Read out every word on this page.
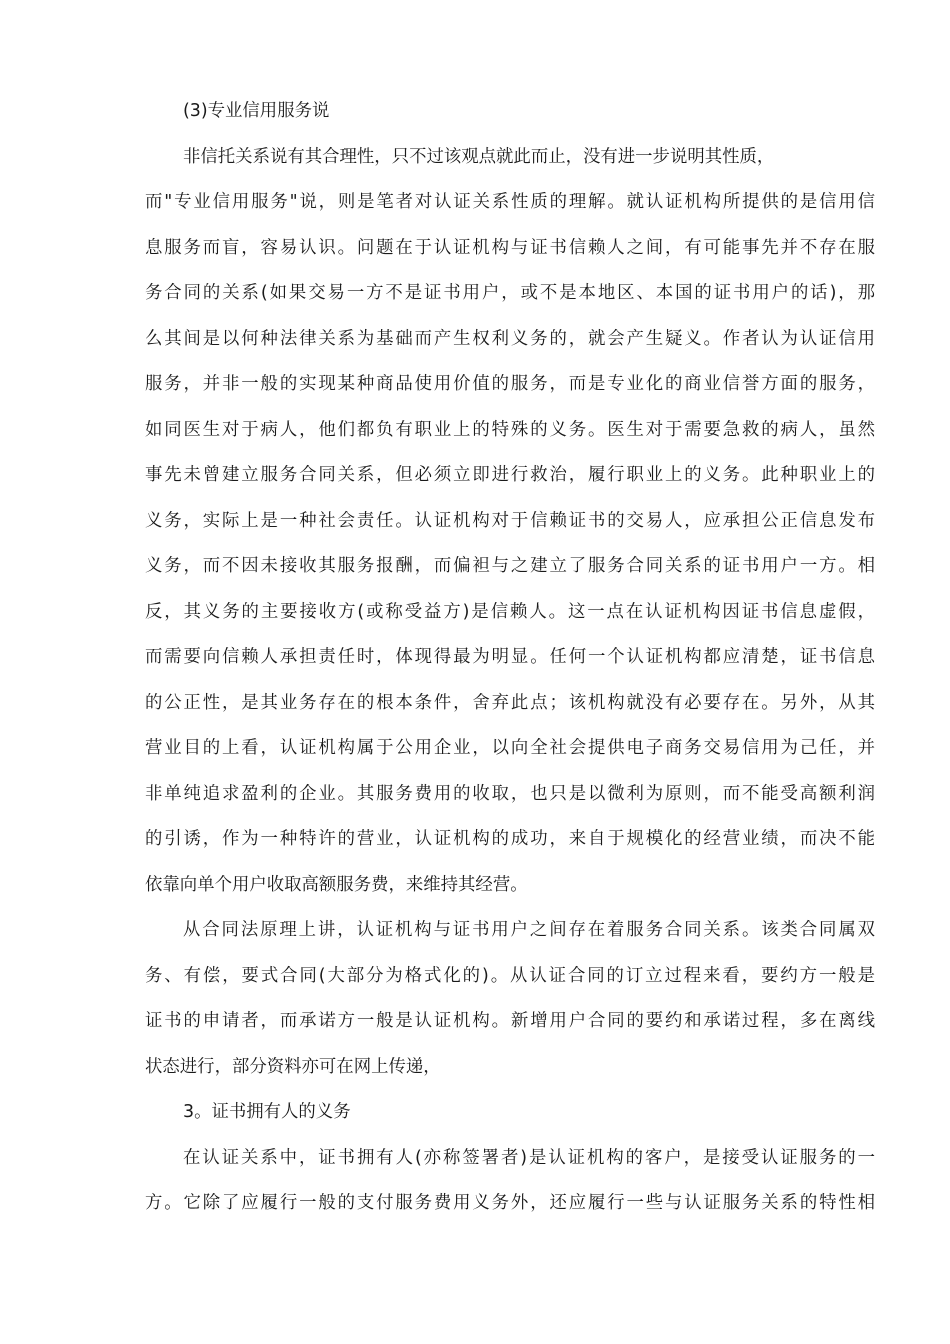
(3)专业信用服务说
非信托关系说有其合理性，只不过该观点就此而止，没有进一步说明其性质，
而"专业信用服务"说，则是笔者对认证关系性质的理解。就认证机构所提供的是信用信
息服务而盲，容易认识。问题在于认证机构与证书信赖人之间，有可能事先并不存在服
务合同的关系(如果交易一方不是证书用户，或不是本地区、本国的证书用户的话)，那
么其间是以何种法律关系为基础而产生权利义务的，就会产生疑义。作者认为认证信用
服务，并非一般的实现某种商品使用价值的服务，而是专业化的商业信誉方面的服务，
如同医生对于病人，他们都负有职业上的特殊的义务。医生对于需要急救的病人，虽然
事先未曾建立服务合同关系，但必须立即进行救治，履行职业上的义务。此种职业上的
义务，实际上是一种社会责任。认证机构对于信赖证书的交易人，应承担公正信息发布
义务，而不因未接收其服务报酬，而偏袒与之建立了服务合同关系的证书用户一方。相
反，其义务的主要接收方(或称受益方)是信赖人。这一点在认证机构因证书信息虚假，
而需要向信赖人承担责任时，体现得最为明显。任何一个认证机构都应清楚，证书信息
的公正性，是其业务存在的根本条件，舍弃此点；该机构就没有必要存在。另外，从其
营业目的上看，认证机构属于公用企业，以向全社会提供电子商务交易信用为己任，并
非单纯追求盈利的企业。其服务费用的收取，也只是以微利为原则，而不能受高额利润
的引诱，作为一种特许的营业，认证机构的成功，来自于规模化的经营业绩，而决不能
依靠向单个用户收取高额服务费，来维持其经营。
从合同法原理上讲，认证机构与证书用户之间存在着服务合同关系。该类合同属双
务、有偿，要式合同(大部分为格式化的)。从认证合同的订立过程来看，要约方一般是
证书的申请者，而承诺方一般是认证机构。新增用户合同的要约和承诺过程，多在离线
状态进行，部分资料亦可在网上传递，
3。证书拥有人的义务
在认证关系中，证书拥有人(亦称签署者)是认证机构的客户，是接受认证服务的一
方。它除了应履行一般的支付服务费用义务外，还应履行一些与认证服务关系的特性相
